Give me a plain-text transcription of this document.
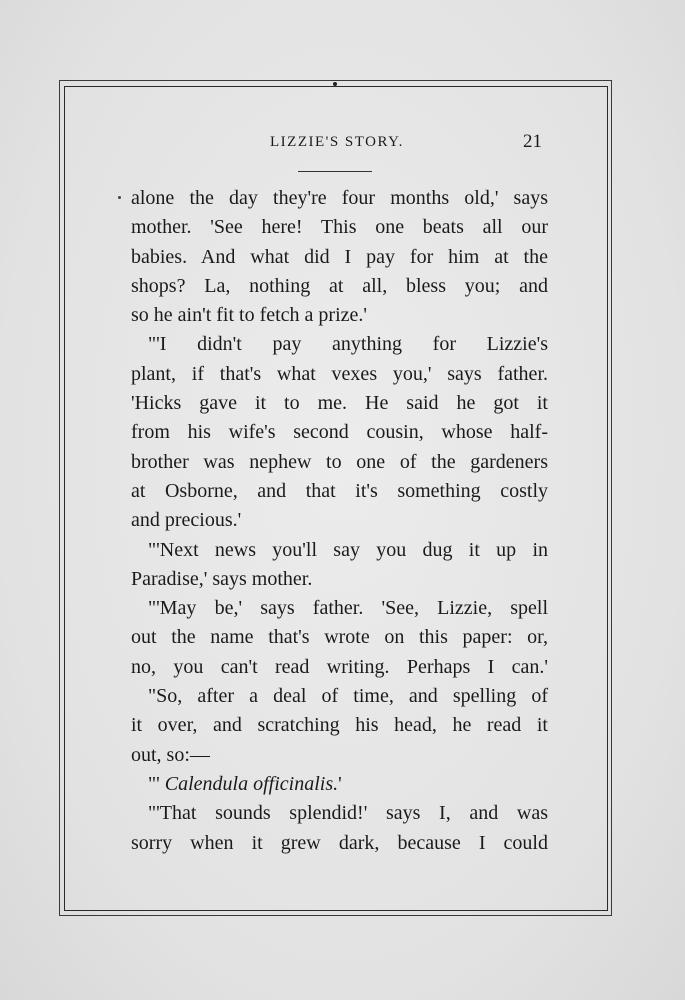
LIZZIE'S STORY.	21
alone the day they're four months old,' says
mother. 'See here! This one beats all our
babies. And what did I pay for him at the
shops? La, nothing at all, bless you; and
so he ain't fit to fetch a prize.'
"'I didn't pay anything for Lizzie's
plant, if that's what vexes you,' says father.
'Hicks gave it to me. He said he got it
from his wife's second cousin, whose half-
brother was nephew to one of the gardeners
at Osborne, and that it's something costly
and precious.'
"'Next news you'll say you dug it up in
Paradise,' says mother.
"'May be,' says father. 'See, Lizzie, spell
out the name that's wrote on this paper: or,
no, you can't read writing. Perhaps I can.'
"So, after a deal of time, and spelling of
it over, and scratching his head, he read it
out, so:—
"' Calendula officinalis.'
"'That sounds splendid!' says I, and was
sorry when it grew dark, because I could
